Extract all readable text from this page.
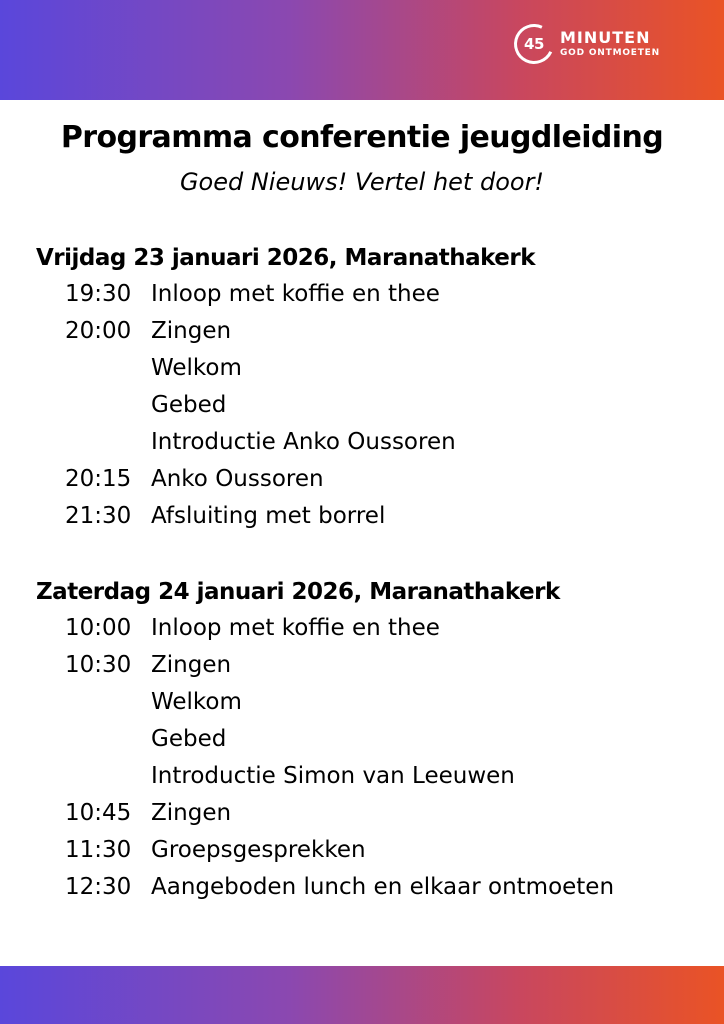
45 MINUTEN
GOD ONTMOETEN
Programma conferentie jeugdleiding
Goed Nieuws! Vertel het door!
Vrijdag 23 januari 2026, Maranathakerk
19:30 Inloop met koffie en thee
20:00 Zingen
Welkom
Gebed
Introductie Anko Oussoren
20:15 Anko Oussoren
21:30 Afsluiting met borrel
Zaterdag 24 januari 2026, Maranathakerk
10:00 Inloop met koffie en thee
10:30 Zingen
Welkom
Gebed
Introductie Simon van Leeuwen
10:45 Zingen
11:30 Groepsgesprekken
12:30 Aangeboden lunch en elkaar ontmoeten
